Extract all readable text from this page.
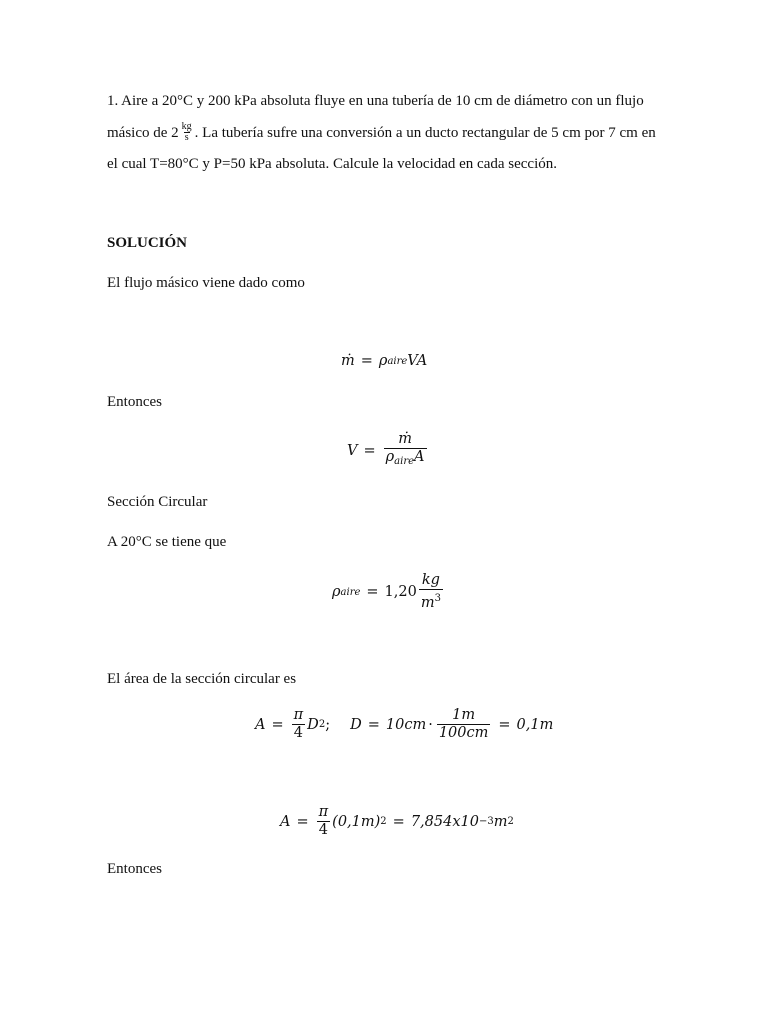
1. Aire a 20°C y 200 kPa absoluta fluye en una tubería de 10 cm de diámetro con un flujo
másico de $2 \frac{kg}{s}$ . La tubería sufre una conversión a un ducto rectangular de 5 cm por 7 cm en
el cual T=80°C y P=50 kPa absoluta. Calcule la velocidad en cada sección.
SOLUCIÓN
El flujo másico viene dado como
ṁ = ρ aire VA
Entonces
$V = \frac{\text{ṁ}}{\rho_{aire}A}$
Sección Circular
A 20°C se tiene que
ρ aire = $1,20 \frac{kg}{m^3}$
El área de la sección circular es
$A = \frac{\pi}{4}$ D 2 ; $D = 10cm \cdot \frac{1m}{100cm} = 0,1m$
$A = \frac{\pi}{4} (0,1m) 2 = 7,854x10 -3$ m 2
Entonces
